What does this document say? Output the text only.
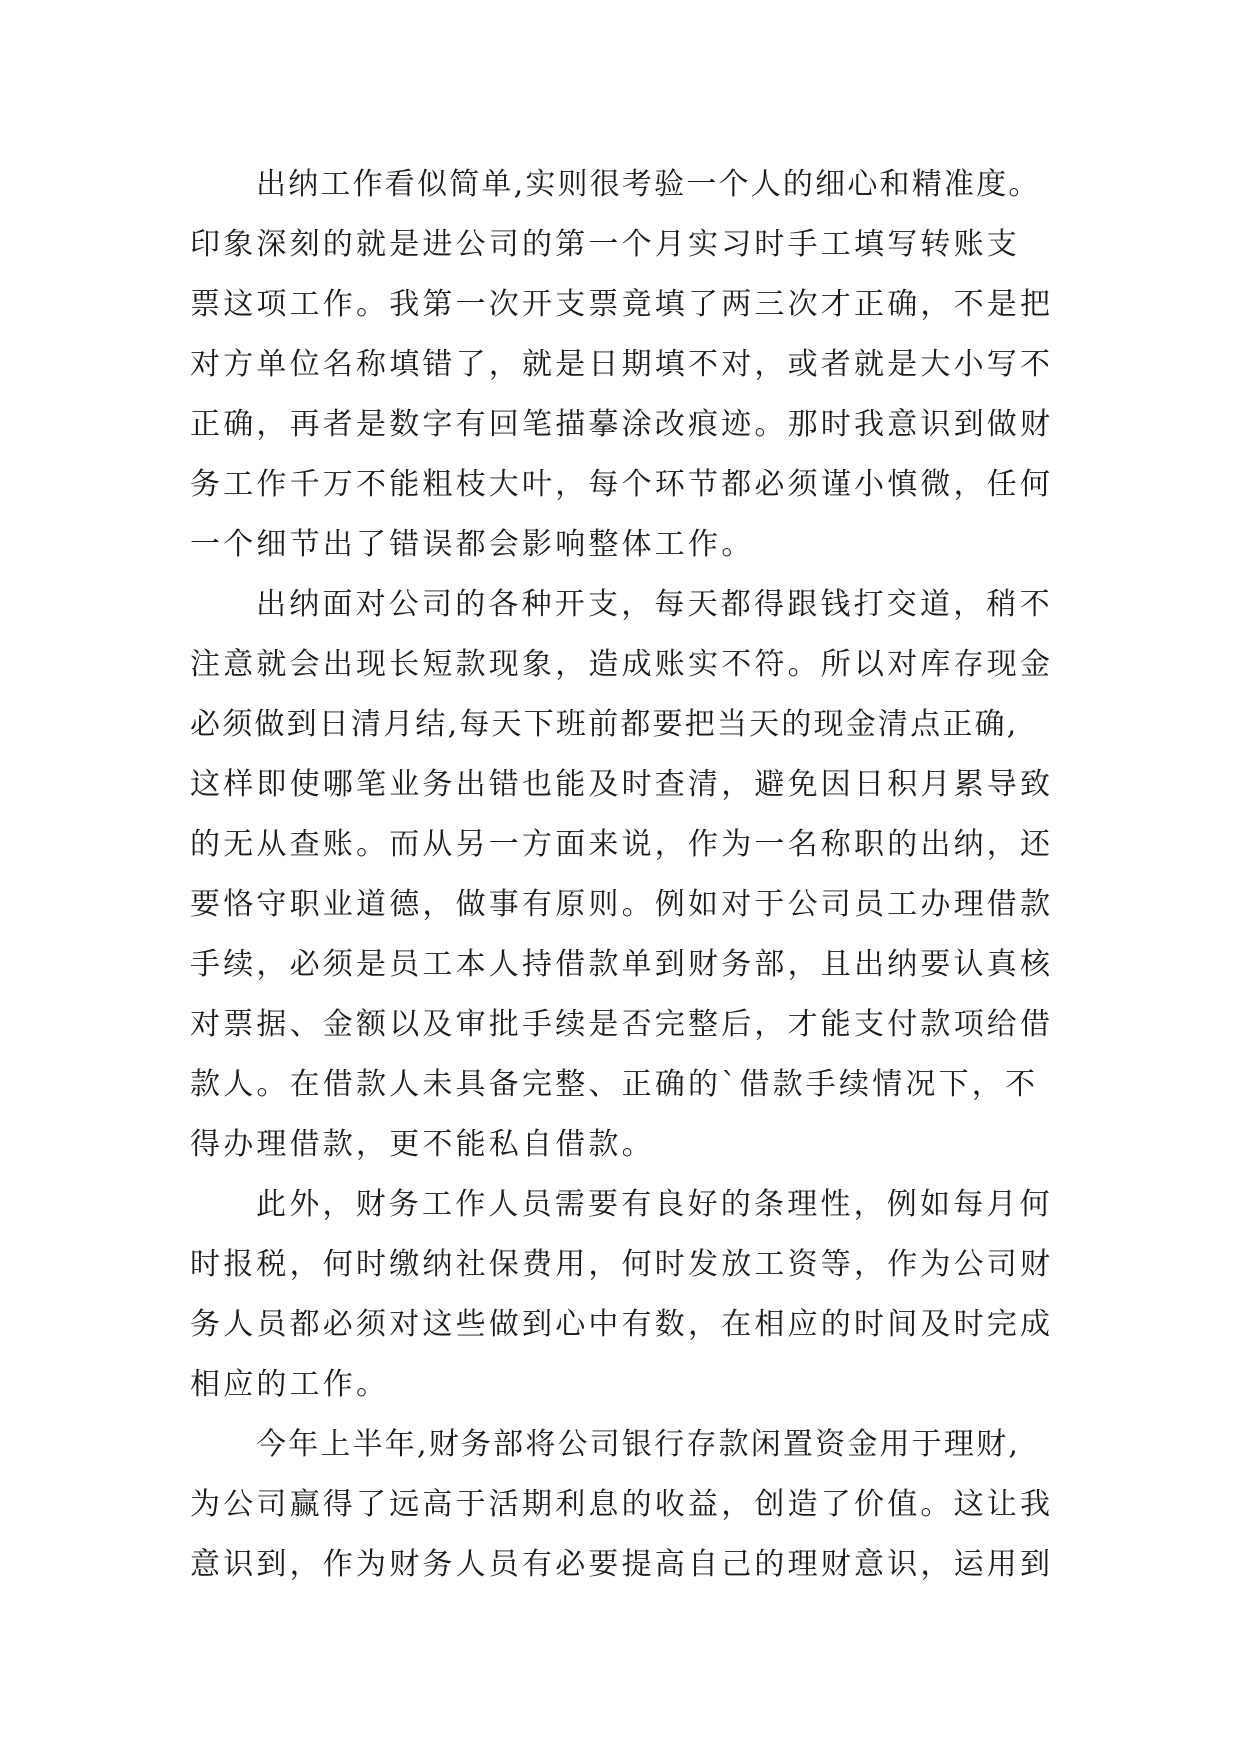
出纳工作看似简单,实则很考验一个人的细心和精准度。
印象深刻的就是进公司的第一个月实习时手工填写转账支
票这项工作。我第一次开支票竟填了两三次才正确，不是把
对方单位名称填错了，就是日期填不对，或者就是大小写不
正确，再者是数字有回笔描摹涂改痕迹。那时我意识到做财
务工作千万不能粗枝大叶，每个环节都必须谨小慎微，任何
一个细节出了错误都会影响整体工作。
出纳面对公司的各种开支，每天都得跟钱打交道，稍不
注意就会出现长短款现象，造成账实不符。所以对库存现金
必须做到日清月结,每天下班前都要把当天的现金清点正确,
这样即使哪笔业务出错也能及时查清，避免因日积月累导致
的无从查账。而从另一方面来说，作为一名称职的出纳，还
要恪守职业道德，做事有原则。例如对于公司员工办理借款
手续，必须是员工本人持借款单到财务部，且出纳要认真核
对票据、金额以及审批手续是否完整后，才能支付款项给借
款人。在借款人未具备完整、正确的`借款手续情况下，不
得办理借款，更不能私自借款。
此外，财务工作人员需要有良好的条理性，例如每月何
时报税，何时缴纳社保费用，何时发放工资等，作为公司财
务人员都必须对这些做到心中有数，在相应的时间及时完成
相应的工作。
今年上半年,财务部将公司银行存款闲置资金用于理财,
为公司赢得了远高于活期利息的收益，创造了价值。这让我
意识到，作为财务人员有必要提高自己的理财意识，运用到
